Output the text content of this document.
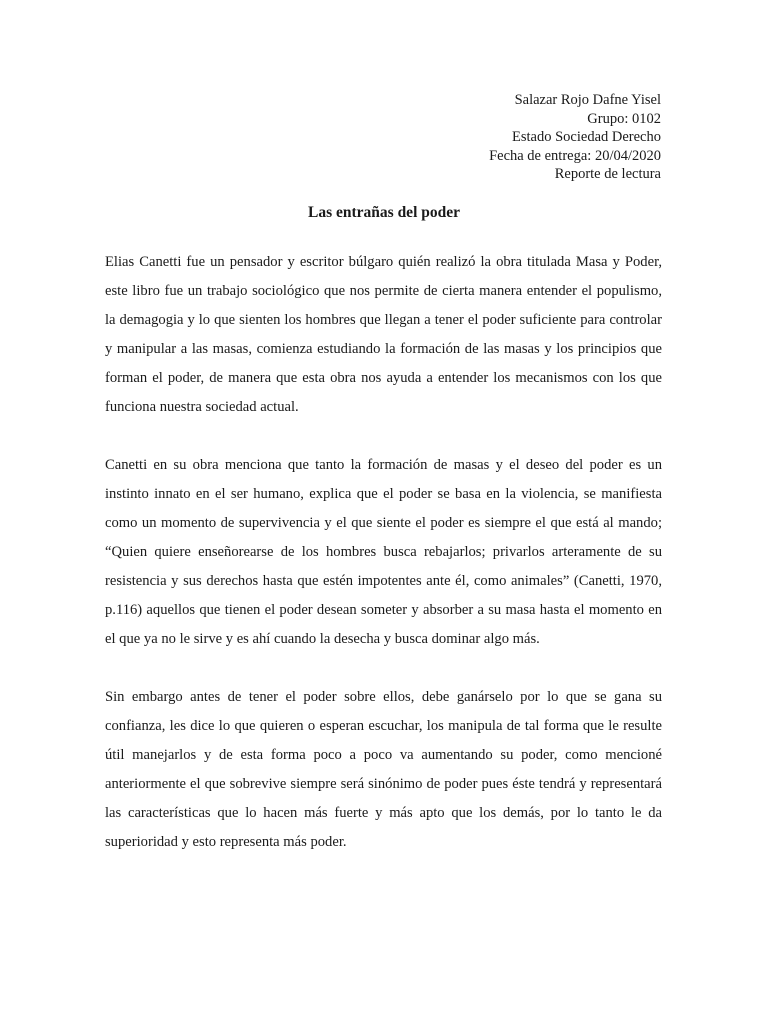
Salazar Rojo Dafne Yisel
Grupo: 0102
Estado Sociedad Derecho
Fecha de entrega: 20/04/2020
Reporte de lectura
Las entrañas del poder

Elias Canetti fue un pensador y escritor búlgaro quién realizó la obra titulada Masa y Poder, este libro fue un trabajo sociológico que nos permite de cierta manera entender el populismo, la demagogia y lo que sienten los hombres que llegan a tener el poder suficiente para controlar y manipular a las masas, comienza estudiando la formación de las masas y los principios que forman el poder, de manera que esta obra nos ayuda a entender los mecanismos con los que funciona nuestra sociedad actual.

Canetti en su obra menciona que tanto la formación de masas y el deseo del poder es un instinto innato en el ser humano, explica que el poder se basa en la violencia, se manifiesta como un momento de supervivencia y el que siente el poder es siempre el que está al mando; “Quien quiere enseñorearse de los hombres busca rebajarlos; privarlos arteramente de su resistencia y sus derechos hasta que estén impotentes ante él, como animales” (Canetti, 1970, p.116) aquellos que tienen el poder desean someter y absorber a su masa hasta el momento en el que ya no le sirve y es ahí cuando la desecha y busca dominar algo más.

Sin embargo antes de tener el poder sobre ellos, debe ganárselo por lo que se gana su confianza, les dice lo que quieren o esperan escuchar, los manipula de tal forma que le resulte útil manejarlos y de esta forma poco a poco va aumentando su poder, como mencioné anteriormente el que sobrevive siempre será sinónimo de poder pues éste tendrá y representará las características que lo hacen más fuerte y más apto que los demás, por lo tanto le da superioridad y esto representa más poder.
